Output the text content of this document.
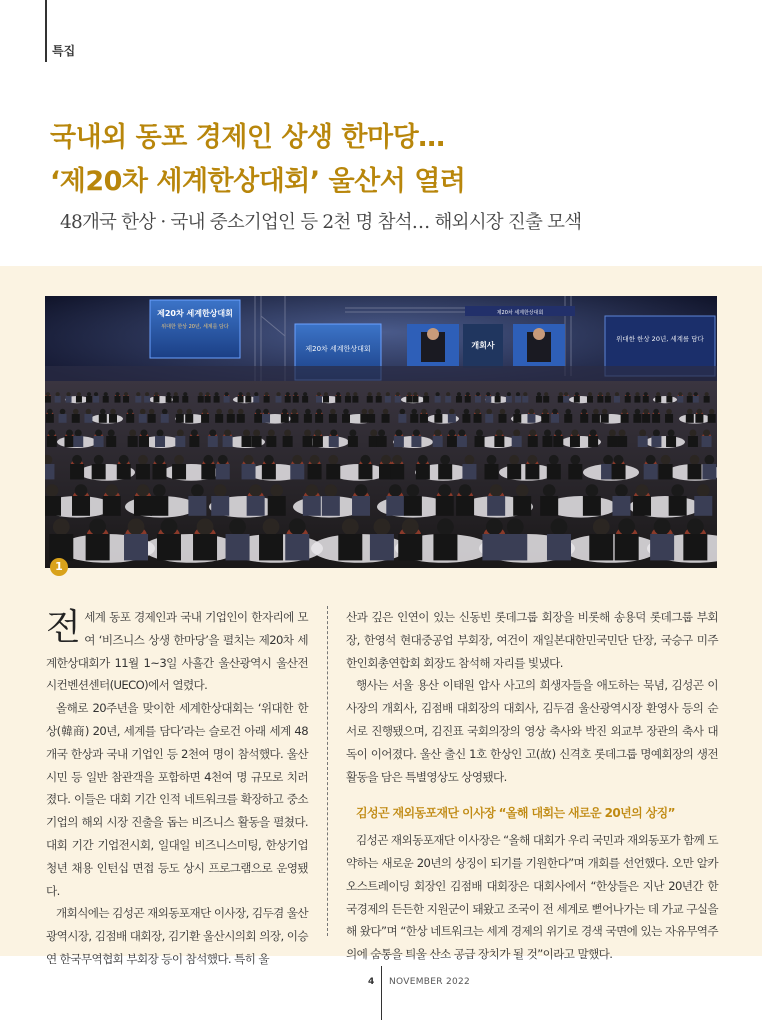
특집
국내외 동포 경제인 상생 한마당…
‘제20차 세계한상대회’ 울산서 열려
48개국 한상 · 국내 중소기업인 등 2천 명 참석… 해외시장 진출 모색
제20차 세계한상대회
위대한 한상 20년, 세계를 담다
제20차 세계한상대회
제20차 세계한상대회
개회사
위대한 한상 20년, 세계를 담다
1
전 세계 동포 경제인과 국내 기업인이 한자리에 모여 ‘비즈니스 상생 한마당’을 펼치는 제20차 세계한상대회가 11월 1~3일 사흘간 울산광역시 울산전시컨벤션센터(UECO)에서 열렸다.

올해로 20주년을 맞이한 세계한상대회는 ‘위대한 한상(韓商) 20년, 세계를 담다’라는 슬로건 아래 세계 48개국 한상과 국내 기업인 등 2천여 명이 참석했다. 울산시민 등 일반 참관객을 포함하면 4천여 명 규모로 치러졌다. 이들은 대회 기간 인적 네트워크를 확장하고 중소기업의 해외 시장 진출을 돕는 비즈니스 활동을 펼쳤다. 대회 기간 기업전시회, 일대일 비즈니스미팅, 한상기업 청년 채용 인턴십 면접 등도 상시 프로그램으로 운영됐다.

개회식에는 김성곤 재외동포재단 이사장, 김두겸 울산광역시장, 김점배 대회장, 김기환 울산시의회 의장, 이승연 한국무역협회 부회장 등이 참석했다. 특히 울

산과 깊은 인연이 있는 신동빈 롯데그룹 회장을 비롯해 송용덕 롯데그룹 부회장, 한영석 현대중공업 부회장, 여건이 재일본대한민국민단 단장, 국승구 미주한인회총연합회 회장도 참석해 자리를 빛냈다.

행사는 서울 용산 이태원 압사 사고의 희생자들을 애도하는 묵념, 김성곤 이사장의 개회사, 김점배 대회장의 대회사, 김두겸 울산광역시장 환영사 등의 순서로 진행됐으며, 김진표 국회의장의 영상 축사와 박진 외교부 장관의 축사 대독이 이어졌다. 울산 출신 1호 한상인 고(故) 신격호 롯데그룹 명예회장의 생전 활동을 담은 특별영상도 상영됐다.

김성곤 재외동포재단 이사장 “올해 대회는 새로운 20년의 상징”

김성곤 재외동포재단 이사장은 “올해 대회가 우리 국민과 재외동포가 함께 도약하는 새로운 20년의 상징이 되기를 기원한다”며 개회를 선언했다. 오만 알카오스트레이딩 회장인 김점배 대회장은 대회사에서 “한상들은 지난 20년간 한국경제의 든든한 지원군이 돼왔고 조국이 전 세계로 뻗어나가는 데 가교 구실을 해 왔다”며 “한상 네트워크는 세계 경제의 위기로 경색 국면에 있는 자유무역주의에 숨통을 틔울 산소 공급 장치가 될 것”이라고 말했다.

4 NOVEMBER 2022
